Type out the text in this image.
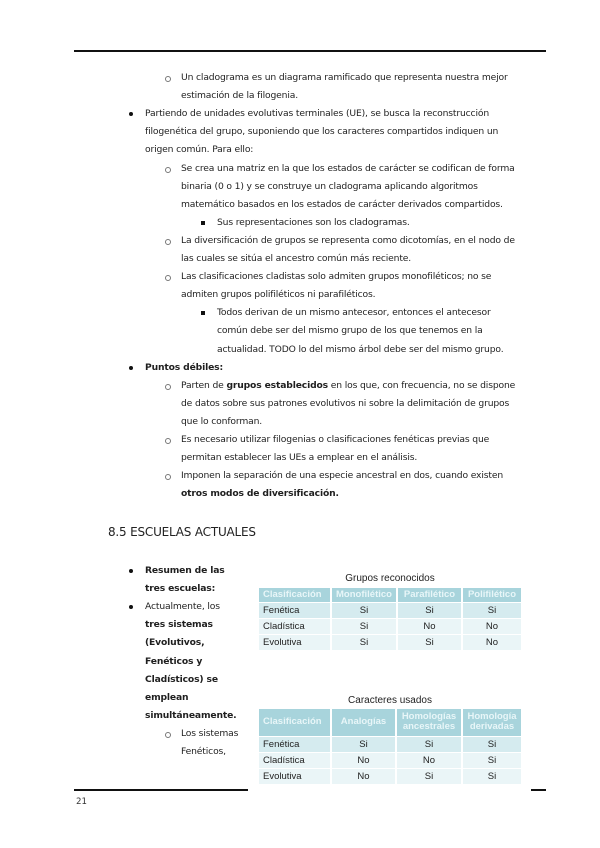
Un cladograma es un diagrama ramificado que representa nuestra mejor
estimación de la filogenia.
Partiendo de unidades evolutivas terminales (UE), se busca la reconstrucción
filogenética del grupo, suponiendo que los caracteres compartidos indiquen un
origen común. Para ello:
Se crea una matriz en la que los estados de carácter se codifican de forma
binaria (0 o 1) y se construye un cladograma aplicando algoritmos
matemático basados en los estados de carácter derivados compartidos.
Sus representaciones son los cladogramas.
La diversificación de grupos se representa como dicotomías, en el nodo de
las cuales se sitúa el ancestro común más reciente.
Las clasificaciones cladistas solo admiten grupos monofiléticos; no se
admiten grupos polifiléticos ni parafiléticos.
Todos derivan de un mismo antecesor, entonces el antecesor
común debe ser del mismo grupo de los que tenemos en la
actualidad. TODO lo del mismo árbol debe ser del mismo grupo.
Puntos débiles:
Parten de grupos establecidos en los que, con frecuencia, no se dispone
de datos sobre sus patrones evolutivos ni sobre la delimitación de grupos
que lo conforman.
Es necesario utilizar filogenias o clasificaciones fenéticas previas que
permitan establecer las UEs a emplear en el análisis.
Imponen la separación de una especie ancestral en dos, cuando existen
otros modos de diversificación.
8.5 ESCUELAS ACTUALES
Resumen de las
tres escuelas:
Actualmente, los
tres sistemas
(Evolutivos,
Fenéticos y
Cladísticos) se
emplean
simultáneamente.
Los sistemas
Fenéticos,
Grupos reconocidos
Clasificación	Monofilético	Parafilético	Polifilético
Fenética	Si	Si	Si
Cladística	Si	No	No
Evolutiva	Si	Si	No
Caracteres usados
Clasificación	Analogías	Homologías ancestrales	Homología derivadas
Fenética	Si	Si	Si
Cladística	No	No	Si
Evolutiva	No	Si	Si
21
